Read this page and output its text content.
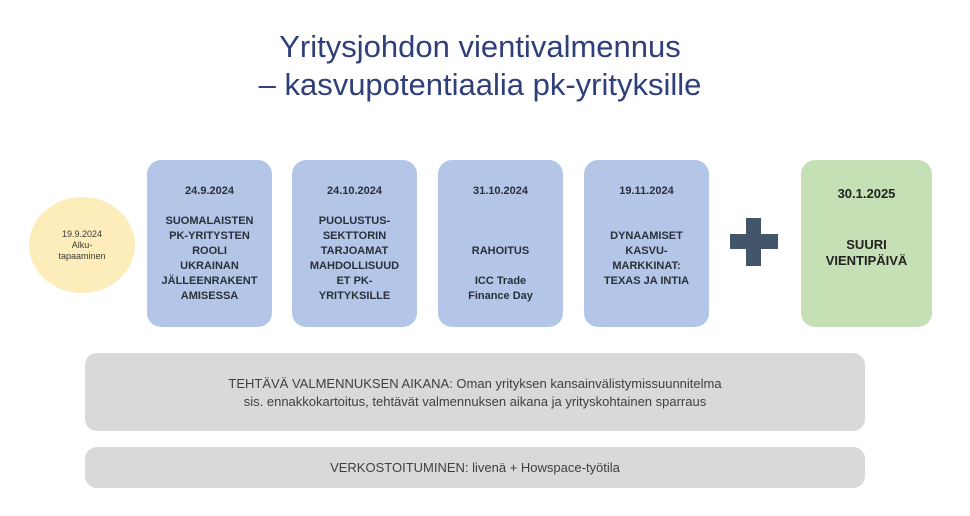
Yritysjohdon vientivalmennus
– kasvupotentiaalia pk-yrityksille
19.9.2024
Alku-
tapaaminen
24.9.2024
SUOMALAISTEN
PK-YRITYSTEN
ROOLI
UKRAINAN
JÄLLEENRAKENT
AMISESSA
24.10.2024
PUOLUSTUS-
SEKTTORIN
TARJOAMAT
MAHDOLLISUUD
ET PK-
YRITYKSILLE
31.10.2024
RAHOITUS
ICC Trade
Finance Day
19.11.2024
DYNAAMISET
KASVU-
MARKKINAT:
TEXAS JA INTIA
30.1.2025
SUURI
VIENTIPÄIVÄ
TEHTÄVÄ VALMENNUKSEN AIKANA: Oman yrityksen kansainvälistymissuunnitelma
sis. ennakkokartoitus, tehtävät valmennuksen aikana ja yrityskohtainen sparraus
VERKOSTOITUMINEN: livenä + Howspace-työtila
